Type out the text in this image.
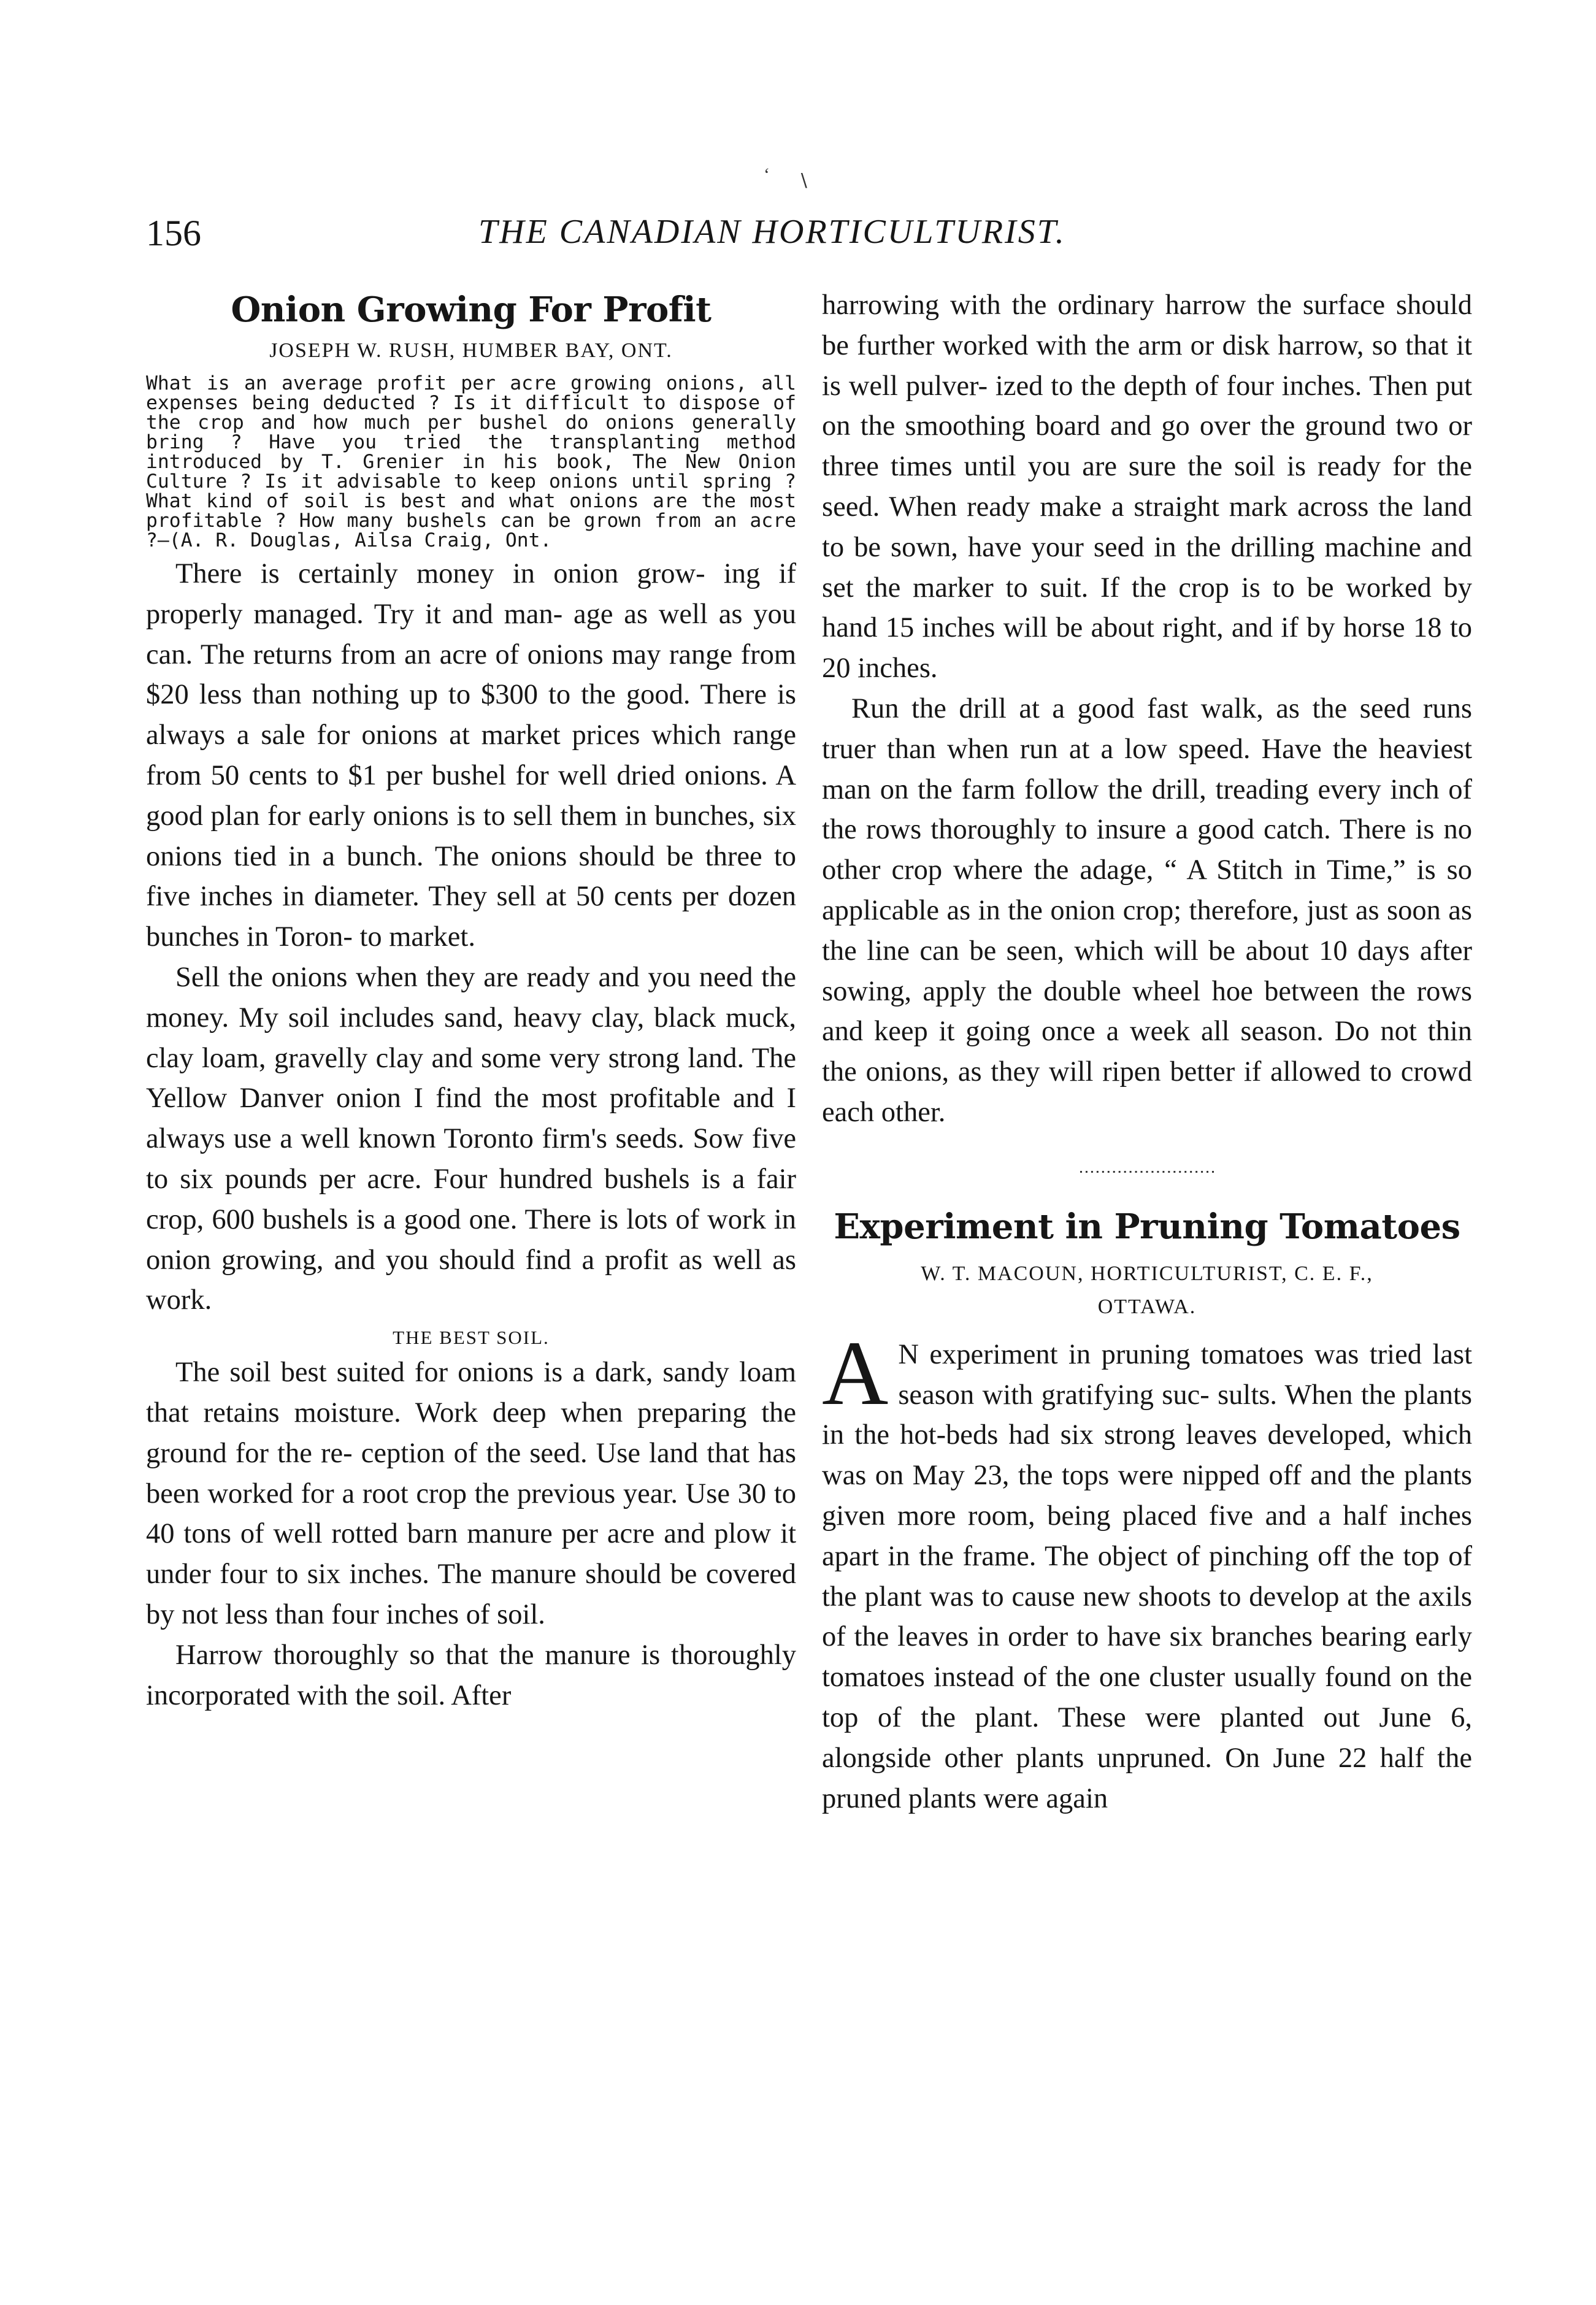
156	THE CANADIAN HORTICULTURIST.
‘ ∖
Onion Growing For Profit
JOSEPH W. RUSH, HUMBER BAY, ONT.

What is an average profit per acre growing onions, all expenses being deducted ? Is it difficult to dispose of the crop and how much per bushel do onions generally bring ? Have you tried the transplanting method introduced by T. Grenier in his book, The New Onion Culture ? Is it advisable to keep onions until spring ? What kind of soil is best and what onions are the most profitable ? How many bushels can be grown from an acre ?—(A. R. Douglas, Ailsa Craig, Ont.

There is certainly money in onion grow- ing if properly managed. Try it and man- age as well as you can. The returns from an acre of onions may range from $20 less than nothing up to $300 to the good. There is always a sale for onions at market prices which range from 50 cents to $1 per bushel for well dried onions. A good plan for early onions is to sell them in bunches, six onions tied in a bunch. The onions should be three to five inches in diameter. They sell at 50 cents per dozen bunches in Toron- to market.

Sell the onions when they are ready and you need the money. My soil includes sand, heavy clay, black muck, clay loam, gravelly clay and some very strong land. The Yellow Danver onion I find the most profitable and I always use a well known Toronto firm's seeds. Sow five to six pounds per acre. Four hundred bushels is a fair crop, 600 bushels is a good one. There is lots of work in onion growing, and you should find a profit as well as work.

THE BEST SOIL.

The soil best suited for onions is a dark, sandy loam that retains moisture. Work deep when preparing the ground for the re- ception of the seed. Use land that has been worked for a root crop the previous year. Use 30 to 40 tons of well rotted barn manure per acre and plow it under four to six inches. The manure should be covered by not less than four inches of soil.

Harrow thoroughly so that the manure is thoroughly incorporated with the soil. After

harrowing with the ordinary harrow the surface should be further worked with the arm or disk harrow, so that it is well pulver- ized to the depth of four inches. Then put on the smoothing board and go over the ground two or three times until you are sure the soil is ready for the seed. When ready make a straight mark across the land to be sown, have your seed in the drilling machine and set the marker to suit. If the crop is to be worked by hand 15 inches will be about right, and if by horse 18 to 20 inches.

Run the drill at a good fast walk, as the seed runs truer than when run at a low speed. Have the heaviest man on the farm follow the drill, treading every inch of the rows thoroughly to insure a good catch. There is no other crop where the adage, “ A Stitch in Time,” is so applicable as in the onion crop; therefore, just as soon as the line can be seen, which will be about 10 days after sowing, apply the double wheel hoe between the rows and keep it going once a week all season. Do not thin the onions, as they will ripen better if allowed to crowd each other.

Experiment in Pruning Tomatoes
W. T. MACOUN, HORTICULTURIST, C. E. F.,
OTTAWA.

A N experiment in pruning tomatoes was tried last season with gratifying suc- sults. When the plants in the hot-beds had six strong leaves developed, which was on May 23, the tops were nipped off and the plants given more room, being placed five and a half inches apart in the frame. The object of pinching off the top of the plant was to cause new shoots to develop at the axils of the leaves in order to have six branches bearing early tomatoes instead of the one cluster usually found on the top of the plant. These were planted out June 6, alongside other plants unpruned. On June 22 half the pruned plants were again
